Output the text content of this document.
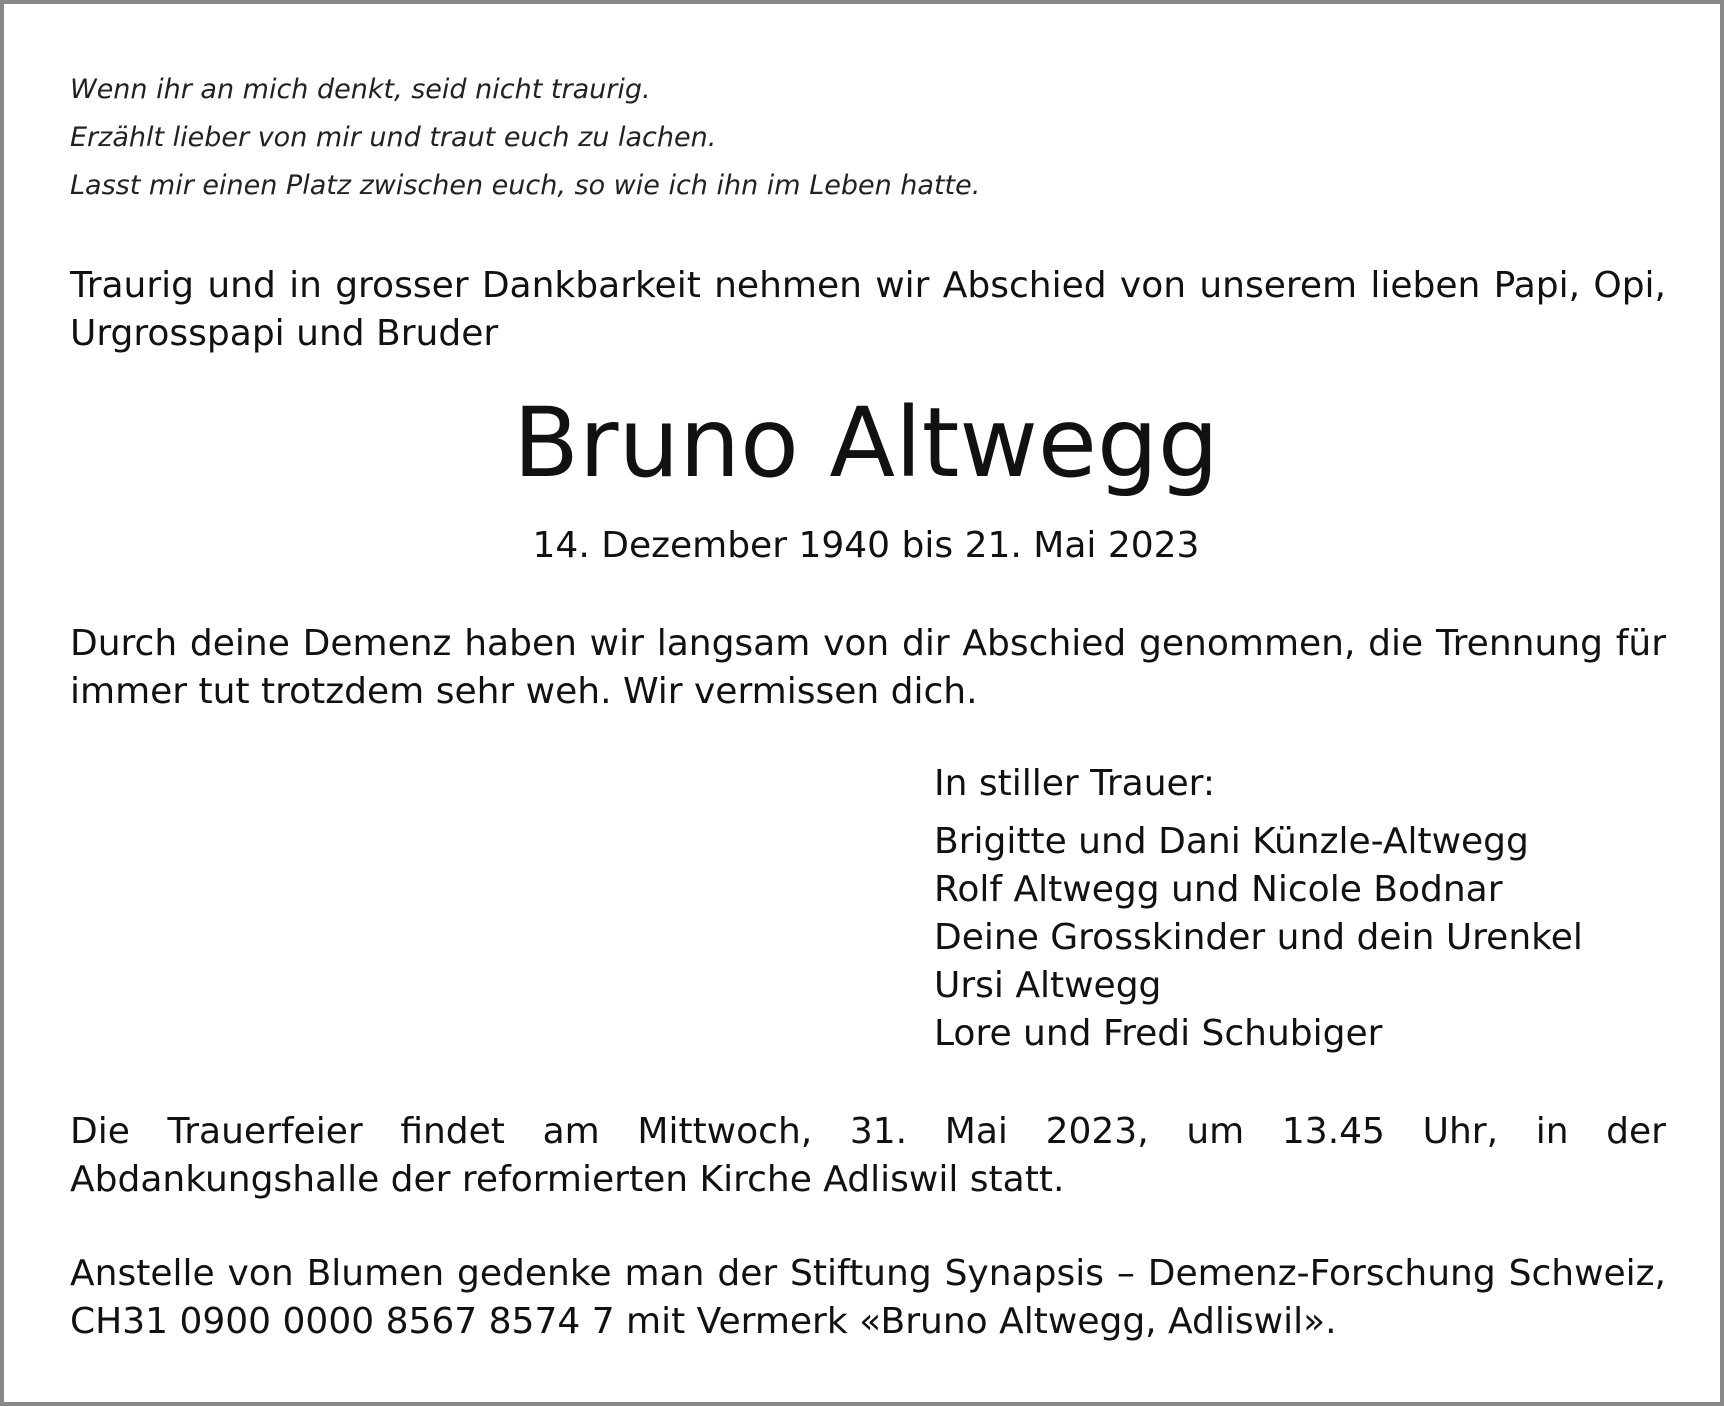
Wenn ihr an mich denkt, seid nicht traurig.
Erzählt lieber von mir und traut euch zu lachen.
Lasst mir einen Platz zwischen euch, so wie ich ihn im Leben hatte.

Traurig und in grosser Dankbarkeit nehmen wir Abschied von unserem lieben Papi, Opi, Urgrosspapi und Bruder

Bruno Altwegg

14. Dezember 1940 bis 21. Mai 2023

Durch deine Demenz haben wir langsam von dir Abschied genommen, die Trennung für immer tut trotzdem sehr weh. Wir vermissen dich.

In stiller Trauer:

Brigitte und Dani Künzle-Altwegg
Rolf Altwegg und Nicole Bodnar
Deine Grosskinder und dein Urenkel
Ursi Altwegg
Lore und Fredi Schubiger

Die Trauerfeier findet am Mittwoch, 31. Mai 2023, um 13.45 Uhr, in der Abdankungshalle der reformierten Kirche Adliswil statt.

Anstelle von Blumen gedenke man der Stiftung Synapsis – Demenz-Forschung Schweiz, CH31 0900 0000 8567 8574 7 mit Vermerk «Bruno Altwegg, Adliswil».
